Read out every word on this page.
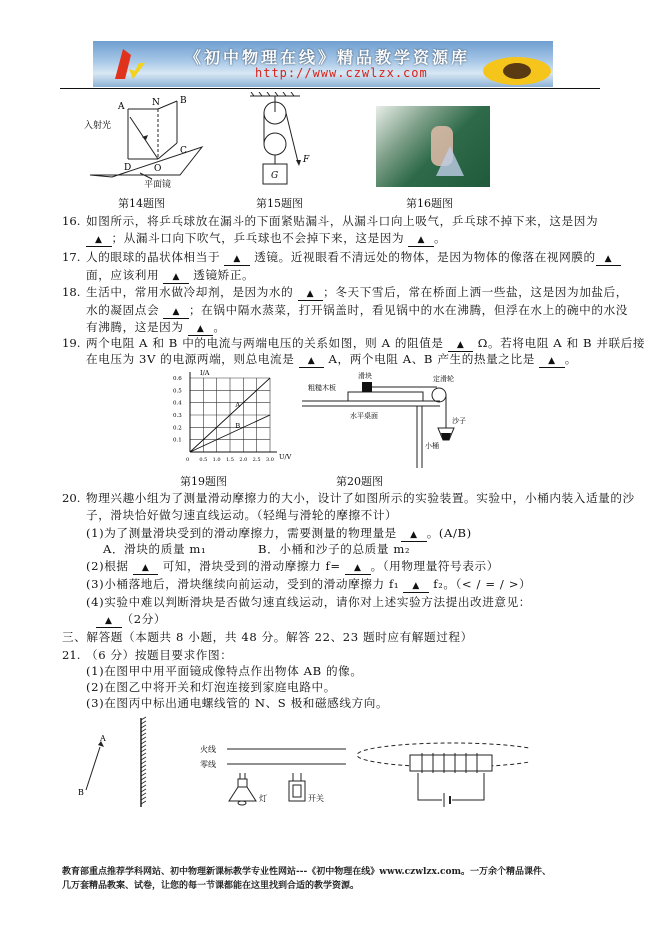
《初中物理在线》精品教学资源库
http://www.czwlzx.com
A	N B
C
D	O
入射光
平面镜
第14题图
G
F
第15题图	第16题图
16. 如图所示，将乒乓球放在漏斗的下面紧贴漏斗，从漏斗口向上吸气，乒乓球不掉下来，这是因为
▲ ；从漏斗口向下吹气，乒乓球也不会掉下来，这是因为 ▲ 。
17. 人的眼球的晶状体相当于 ▲ 透镜。近视眼看不清远处的物体，是因为物体的像落在视网膜的 ▲
面，应该利用 ▲ 透镜矫正。
18. 生活中，常用水做冷却剂，是因为水的 ▲ ；冬天下雪后，常在桥面上洒一些盐，这是因为加盐后，
水的凝固点会 ▲ ；在锅中隔水蒸菜，打开锅盖时，看见锅中的水在沸腾，但浮在水上的碗中的水没
有沸腾，这是因为 ▲ 。
19. 两个电阻 A 和 B 中的电流与两端电压的关系如图，则 A 的阻值是 ▲ Ω。若将电阻 A 和 B 并联后接
在电压为 3V 的电源两端，则总电流是 ▲ A，两个电阻 A、B 产生的热量之比是 ▲ 。
0 0.5 1.0 1.5 2.0 2.5 3.0
0.1
0.2
0.3
0.4
0.5
0.6
A
B
I/A
U/V
第19题图
滑块
粗糙木板
定滑轮
水平桌面
沙子
小桶
第20题图
20. 物理兴趣小组为了测量滑动摩擦力的大小，设计了如图所示的实验装置。实验中，小桶内装入适量的沙
子，滑块恰好做匀速直线运动。（轻绳与滑轮的摩擦不计）
(1)为了测量滑块受到的滑动摩擦力，需要测量的物理量是 ▲ 。(A/B)
A．滑块的质量 m₁	B．小桶和沙子的总质量 m₂
(2)根据 ▲ 可知，滑块受到的滑动摩擦力 f= ▲ 。（用物理量符号表示）
(3)小桶落地后，滑块继续向前运动，受到的滑动摩擦力 f₁ ▲ f₂。（< / = / >）
(4)实验中难以判断滑块是否做匀速直线运动，请你对上述实验方法提出改进意见：
▲ （2分）
三、解答题（本题共 8 小题，共 48 分。解答 22、23 题时应有解题过程）
21. （6 分）按题目要求作图：
(1)在图甲中用平面镜成像特点作出物体 AB 的像。
(2)在图乙中将开关和灯泡连接到家庭电路中。
(3)在图丙中标出通电螺线管的 N、S 极和磁感线方向。
A
B
火线
零线
灯	开关
教育部重点推荐学科网站、初中物理新课标教学专业性网站---《初中物理在线》www.czwlzx.com。一万余个精品课件、
几万套精品教案、试卷，让您的每一节课都能在这里找到合适的教学资源。
